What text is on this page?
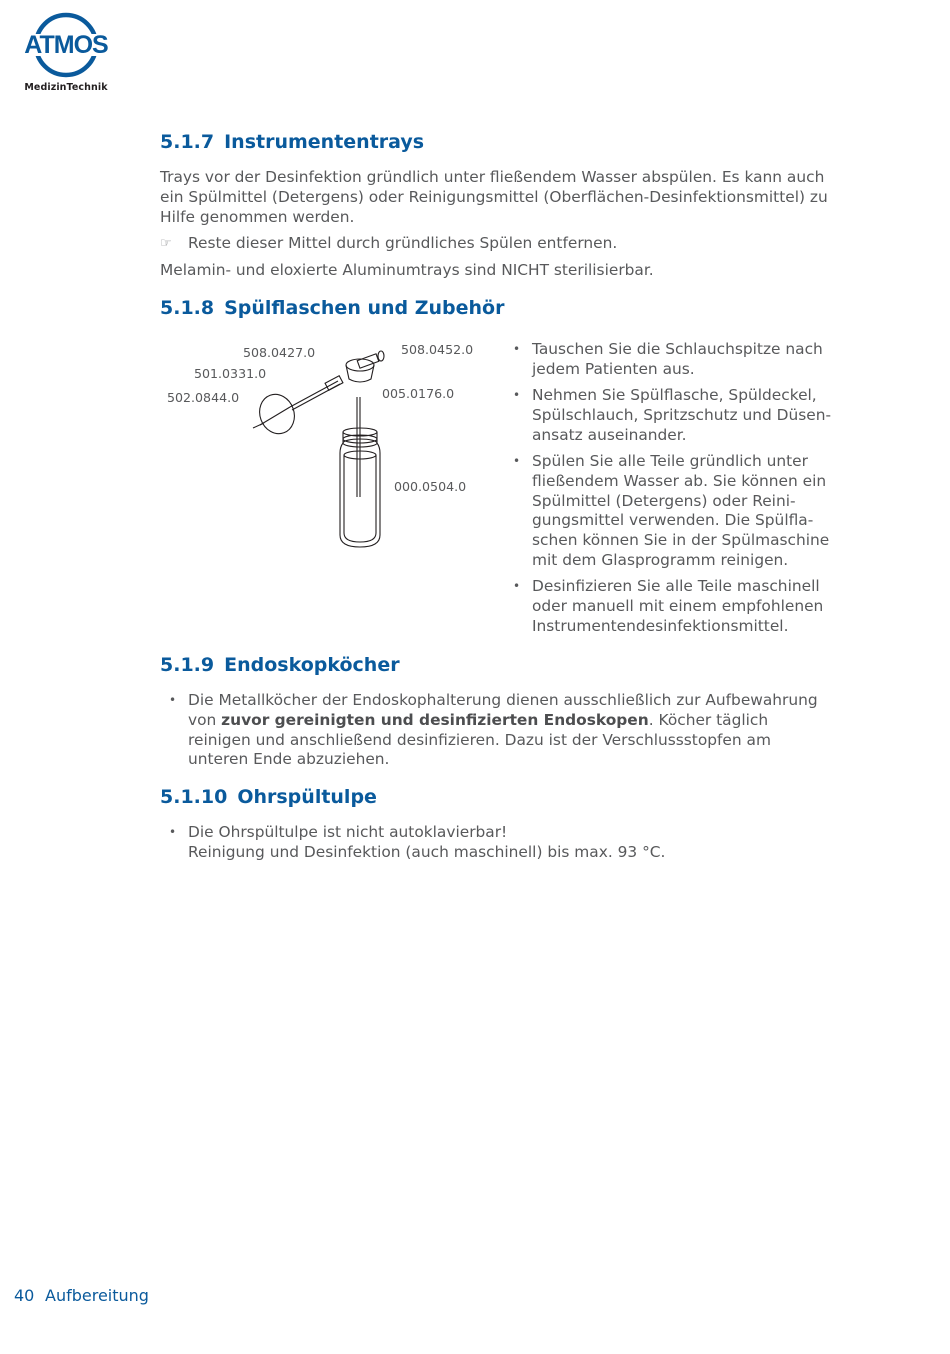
ATMOS
MedizinTechnik
5.1.7 Instrumententrays

Trays vor der Desinfektion gründlich unter fließendem Wasser abspülen. Es kann auch ein Spülmittel (Detergens) oder Reinigungsmittel (Oberflächen-Desinfektionsmittel) zu Hilfe genommen werden.

☞ Reste dieser Mittel durch gründliches Spülen entfernen.

Melamin- und eloxierte Aluminumtrays sind NICHT sterilisierbar.

5.1.8 Spülflaschen und Zubehör
508.0427.0	508.0452.0
501.0331.0
005.0176.0
502.0844.0
000.0504.0
• Tauschen Sie die Schlauchspitze nach jedem Patienten aus.
• Nehmen Sie Spülflasche, Spüldeckel, Spülschlauch, Spritzschutz und Düsenansatz auseinander.
• Spülen Sie alle Teile gründlich unter fließendem Wasser ab. Sie können ein Spülmittel (Detergens) oder Reinigungsmittel verwenden. Die Spülflaschen können Sie in der Spülmaschine mit dem Glasprogramm reinigen.
• Desinfizieren Sie alle Teile maschinell oder manuell mit einem empfohlenen Instrumentendesinfektionsmittel.
5.1.9 Endoskopköcher
• Die Metallköcher der Endoskophalterung dienen ausschließlich zur Aufbewahrung von zuvor gereinigten und desinfizierten Endoskopen. Köcher täglich reinigen und anschließend desinfizieren. Dazu ist der Verschlussstopfen am unteren Ende abzuziehen.
5.1.10 Ohrspültulpe
• Die Ohrspültulpe ist nicht autoklavierbar!
Reinigung und Desinfektion (auch maschinell) bis max. 93 °C.
40 Aufbereitung
